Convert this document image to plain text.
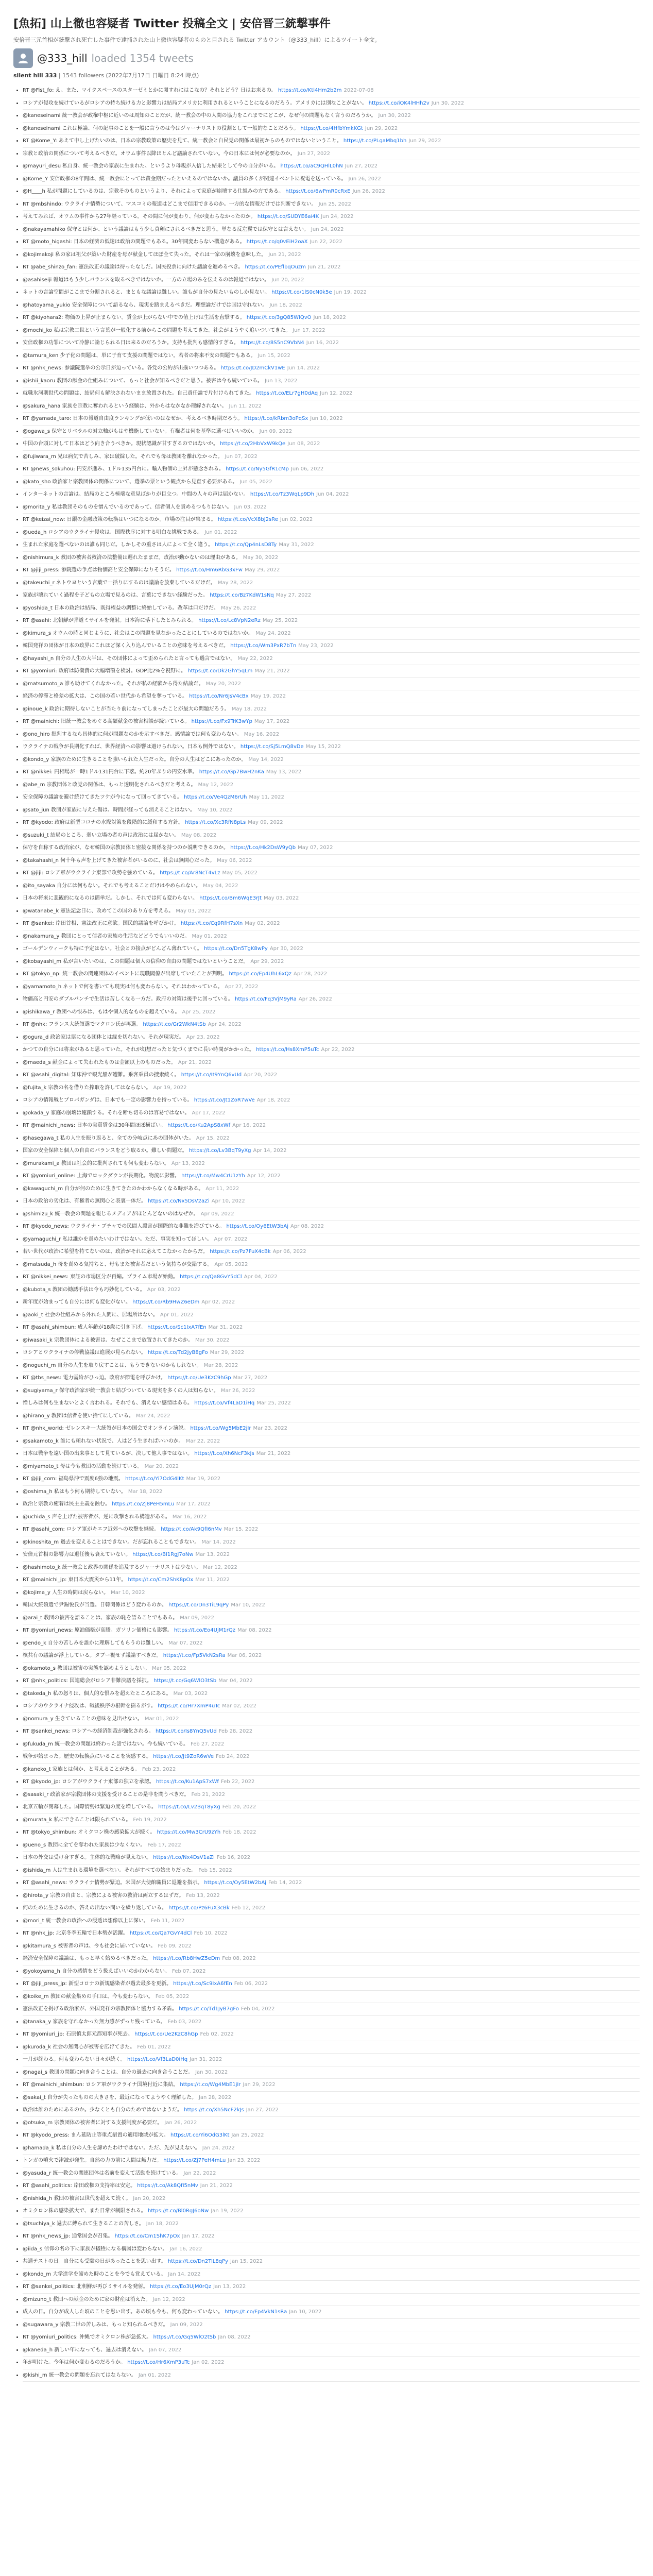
[魚拓] 山上徹也容疑者 Twitter 投稿全文 | 安倍晋三銃撃事件
安倍晋三元首相が銃撃され死亡した事件で逮捕された山上徹也容疑者のものと目される Twitter アカウント（@333_hill）によるツイート全文。
@333_hill loaded 1354 tweets
silent hill 333 | 1543 followers (2022年7月17日 日曜日 8:24 時点)
• RT @Fist_fo: え、また、マイクスペースのスターゼミとかに関すれにはこなの？それとどう？日はお来るの。 https://t.co/Ktl4Hm2b2m 2022-07-08
• ロシアが侵攻を続けているがロシアの持ち続ける力と影響力は結局アメリカに利用されるということになるのだろう。アメリカには別なことがない。 https://t.co/iOK4lHHh2v Jun 30, 2022
• @kaneseinami 統一教会が政権中枢に近いのは周知のことだが、統一教会の中の人間の協力をこれまでにどこが、なぜ何の問題もなく言うのだろうか。 Jun 30, 2022
• @kaneseinami これは極論、何の記事のことを一般に言うのは今はジャーナリストの役割として一般的なことだろう。 https://t.co/4HfbYmkKGt Jun 29, 2022
• RT @Kome_Y: あえて申し上げたいのは、日本の宗教政策の歴史を見て、統一教会と自民党の関係は最初からのものではないということ。 https://t.co/PLgaMbq1bh Jun 29, 2022
• 宗教と政治の関係について考えるべきだ。オウム事件以降ほとんど議論されていない。今の日本には何が必要なのか。 Jun 27, 2022
• @mayuri_desu 私自身、統一教会の家族に生まれた、というより母親が入信した結果として今の自分がいる。 https://t.co/aC9QHlL0hN Jun 27, 2022
• @Kome_Y 安倍政権の8年間は、統一教会にとっては黄金期だったといえるのではないか。議員の多くが関連イベントに祝電を送っている。 Jun 26, 2022
• @H____h 私が問題にしているのは、宗教そのものというより、それによって家庭が崩壊する仕組みの方である。 https://t.co/6wPmR0cRxE Jun 26, 2022
• RT @mbshindo: ウクライナ情勢について、マスコミの報道はどこまで信用できるのか。一方的な情報だけでは判断できない。 Jun 25, 2022
• 考えてみれば、オウムの事件から27年経っている。その間に何が変わり、何が変わらなかったのか。 https://t.co/SUDYE6ai4K Jun 24, 2022
• @nakayamahiko 保守とは何か、という議論はもう少し真剣にされるべきだと思う。単なる反左翼では保守とは言えない。 Jun 24, 2022
• RT @moto_higashi: 日本の経済の低迷は政治の問題でもある。30年間変わらない構造がある。 https://t.co/q0vEiH2oaX Jun 22, 2022
• @kojimakoji 私の家は祖父が築いた財産を母が献金してほぼ全て失った。それは一家の崩壊を意味した。 Jun 21, 2022
• RT @abe_shinzo_fan: 憲法改正の議論は待ったなしだ。国民投票に向けた議論を進めるべき。 https://t.co/PEflbqOuzm Jun 21, 2022
• @asahiseiji 報道はもう少しバランスを取るべきではないか。一方の立場のみを伝えるのは報道ではない。 Jun 20, 2022
• ネットの言論空間がここまで分断されると、まともな議論は難しい。誰もが自分の見たいものしか見ない。 https://t.co/1lS0cN0k5e Jun 19, 2022
• @hatoyama_yukio 安全保障について語るなら、現実を踏まえるべきだ。理想論だけでは国は守れない。 Jun 18, 2022
• RT @kiyohara2: 物価の上昇が止まらない。賃金が上がらない中での値上げは生活を直撃する。 https://t.co/3gQ85WlQvO Jun 18, 2022
• @mochi_ko 私は宗教二世という言葉が一般化する前からこの問題を考えてきた。社会がようやく追いついてきた。 Jun 17, 2022
• 安倍政権の功罪について冷静に論じられる日は来るのだろうか。支持も批判も感情的すぎる。 https://t.co/8S5nC9VbN4 Jun 16, 2022
• @tamura_ken 少子化の問題は、単に子育て支援の問題ではない。若者の将来不安の問題でもある。 Jun 15, 2022
• RT @nhk_news: 参議院選挙の公示日が迫っている。各党の公約が出揃いつつある。 https://t.co/JD2mCkV1wE Jun 14, 2022
• @ishii_kaoru 教団の献金の仕組みについて、もっと社会が知るべきだと思う。被害は今も続いている。 Jun 13, 2022
• 就職氷河期世代の問題は、結局何も解決されないまま放置された。自己責任論で片付けられてきた。 https://t.co/ELr7gH0dAq Jun 12, 2022
• @sakura_hana 家族を宗教に奪われるという経験は、外からはなかなか理解されない。 Jun 11, 2022
• RT @yamada_taro: 日本の報道自由度ランキングが低いのはなぜか、考えるべき時期だろう。 https://t.co/kRbm3oPqSx Jun 10, 2022
• @ogawa_s 保守とリベラルの対立軸がもはや機能していない。有権者は何を基準に選べばいいのか。 Jun 09, 2022
• 中国の台頭に対して日本はどう向き合うべきか。現状認識が甘すぎるのではないか。 https://t.co/2HbVxW9kQe Jun 08, 2022
• @fujiwara_m 兄は病気で苦しみ、家は破綻した。それでも母は教団を離れなかった。 Jun 07, 2022
• RT @news_sokuhou: 円安が進み、1ドル135円台に。輸入物価の上昇が懸念される。 https://t.co/Ny5GfR1cMp Jun 06, 2022
• @kato_sho 政治家と宗教団体の関係について、選挙の票という観点から見直す必要がある。 Jun 05, 2022
• インターネットの言論は、結局のところ極端な意見ばかりが目立つ。中間の人々の声は届かない。 https://t.co/Tz3WqLp9Dh Jun 04, 2022
• @morita_y 私は教団そのものを憎んでいるのであって、信者個人を責めるつもりはない。 Jun 03, 2022
• RT @keizai_now: 日銀の金融政策の転換はいつになるのか。市場の注目が集まる。 https://t.co/VcX8bJ2sRe Jun 02, 2022
• @ueda_h ロシアのウクライナ侵攻は、国際秩序に対する明白な挑戦である。 Jun 01, 2022
• 生まれた家庭を選べないのは誰も同じだ。しかしその重さは人によって全く違う。 https://t.co/Qp4nLsD8Ty May 31, 2022
• @nishimura_k 教団の被害者救済の法整備は遅れたままだ。政治が動かないのは理由がある。 May 30, 2022
• RT @jiji_press: 参院選の争点は物価高と安全保障になりそうだ。 https://t.co/Hm6RbG3xFw May 29, 2022
• @takeuchi_r ネトウヨという言葉で一括りにするのは議論を放棄しているだけだ。 May 28, 2022
• 家族が壊れていく過程を子どもの立場で見るのは、言葉にできない経験だった。 https://t.co/Bz7KdW1sNq May 27, 2022
• @yoshida_t 日本の政治は結局、既得権益の調整に終始している。改革は口だけだ。 May 26, 2022
• RT @asahi: 北朝鮮が弾道ミサイルを発射。日本海に落下したとみられる。 https://t.co/Lc8VpN2eRz May 25, 2022
• @kimura_s オウムの時と同じように、社会はこの問題を見なかったことにしているのではないか。 May 24, 2022
• 韓国発祥の団体が日本の政界にこれほど深く入り込んでいることの意味を考えるべきだ。 https://t.co/Wm3PxR7bTn May 23, 2022
• @hayashi_n 自分の人生の大半は、その団体によって歪められたと言っても過言ではない。 May 22, 2022
• RT @yomiuri: 政府は防衛費の大幅増額を検討。GDP比2%を視野に。 https://t.co/Dk2GhY5qLm May 21, 2022
• @matsumoto_a 誰も助けてくれなかった。それが私の経験から得た結論だ。 May 20, 2022
• 経済の停滞と格差の拡大は、この国の若い世代から希望を奪っている。 https://t.co/Nr6JsV4cBx May 19, 2022
• @inoue_k 政治に期待しないことが当たり前になってしまったことが最大の問題だろう。 May 18, 2022
• RT @mainichi: 旧統一教会をめぐる高額献金の被害相談が続いている。 https://t.co/Fx9TrK3wYp May 17, 2022
• @ono_hiro 批判するなら具体的に何が問題なのかを示すべきだ。感情論では何も変わらない。 May 16, 2022
• ウクライナの戦争が長期化すれば、世界経済への影響は避けられない。日本も例外ではない。 https://t.co/Sj5LmQ8vDe May 15, 2022
• @kondo_y 家族のために生きることを強いられた人生だった。自分の人生はどこにあったのか。 May 14, 2022
• RT @nikkei: 円相場が一時1ドル131円台に下落。約20年ぶりの円安水準。 https://t.co/Gp7BwH2nKa May 13, 2022
• @abe_m 宗教団体と政党の関係は、もっと透明化されるべきだと考える。 May 12, 2022
• 安全保障の議論を避け続けてきたツケが今になって回ってきている。 https://t.co/Ve4QzM6rUh May 11, 2022
• @sato_jun 教団が家族に与えた傷は、時間が経っても消えることはない。 May 10, 2022
• RT @kyodo: 政府は新型コロナの水際対策を段階的に緩和する方針。 https://t.co/Xc3RfN8pLs May 09, 2022
• @suzuki_t 結局のところ、弱い立場の者の声は政治には届かない。 May 08, 2022
• 保守を自称する政治家が、なぜ韓国の宗教団体と密接な関係を持つのか説明できるのか。 https://t.co/Hk2DsW9yQb May 07, 2022
• @takahashi_n 何十年も声を上げてきた被害者がいるのに、社会は無関心だった。 May 06, 2022
• RT @jiji: ロシア軍がウクライナ東部で攻勢を強めている。 https://t.co/Ar8NcT4vLz May 05, 2022
• @ito_sayaka 自分には何もない。それでも考えることだけはやめられない。 May 04, 2022
• 日本の将来に悲観的になるのは簡単だ。しかし、それでは何も変わらない。 https://t.co/Bm6WqE3rJt May 03, 2022
• @watanabe_k 憲法記念日に、改めてこの国のあり方を考える。 May 03, 2022
• RT @sankei: 岸田首相、憲法改正に意欲。国民的議論を呼びかけ。 https://t.co/Cq9RfH7sXn May 02, 2022
• @nakamura_y 教団にとって信者の家族の生活などどうでもいいのだ。 May 01, 2022
• ゴールデンウィークも特に予定はない。社会との接点がどんどん薄れていく。 https://t.co/Dn5TgK8wPy Apr 30, 2022
• @kobayashi_m 私が言いたいのは、この問題は個人の信仰の自由の問題ではないということだ。 Apr 29, 2022
• RT @tokyo_np: 統一教会の関連団体のイベントに現職閣僚が出席していたことが判明。 https://t.co/Ep4UhL6xQz Apr 28, 2022
• @yamamoto_h ネットで何を書いても現実は何も変わらない。それはわかっている。 Apr 27, 2022
• 物価高と円安のダブルパンチで生活は苦しくなる一方だ。政府の対策は後手に回っている。 https://t.co/Fq3VjM9yRa Apr 26, 2022
• @ishikawa_r 教団への恨みは、もはや個人的なものを超えている。 Apr 25, 2022
• RT @nhk: フランス大統領選でマクロン氏が再選。 https://t.co/Gr2WkN4tSb Apr 24, 2022
• @ogura_d 政治家は票になる団体とは縁を切れない。それが現実だ。 Apr 23, 2022
• かつての自分には将来があると思っていた。それが幻想だったと気づくまでに長い時間がかかった。 https://t.co/Hs8XmP5uTc Apr 22, 2022
• @maeda_s 献金によって失われたものは金額以上のものだった。 Apr 21, 2022
• RT @asahi_digital: 知床沖で観光船が遭難。乗客乗員の捜索続く。 https://t.co/It9YnQ6vUd Apr 20, 2022
• @fujita_k 宗教の名を借りた搾取を許してはならない。 Apr 19, 2022
• ロシアの情報戦とプロパガンダは、日本でも一定の影響力を持っている。 https://t.co/Jt1ZoR7wVe Apr 18, 2022
• @okada_y 家庭の崩壊は連鎖する。それを断ち切るのは容易ではない。 Apr 17, 2022
• RT @mainichi_news: 日本の実質賃金は30年間ほぼ横ばい。 https://t.co/Ku2ApS8xWf Apr 16, 2022
• @hasegawa_t 私の人生を振り返ると、全ての分岐点にあの団体がいた。 Apr 15, 2022
• 国家の安全保障と個人の自由のバランスをどう取るか。難しい問題だ。 https://t.co/Lv3BqT9yXg Apr 14, 2022
• @murakami_a 教団は社会的に批判されても何も変わらない。 Apr 13, 2022
• RT @yomiuri_online: 上海でロックダウンが長期化。物流に影響。 https://t.co/Mw4CrU1zYh Apr 12, 2022
• @kawaguchi_m 自分が何のために生きてきたのかわからなくなる時がある。 Apr 11, 2022
• 日本の政治の劣化は、有権者の無関心と表裏一体だ。 https://t.co/Nx5DsV2aZi Apr 10, 2022
• @shimizu_k 統一教会の問題を報じるメディアがほとんどないのはなぜか。 Apr 09, 2022
• RT @kyodo_news: ウクライナ・ブチャでの民間人殺害が国際的な非難を浴びている。 https://t.co/Oy6EtW3bAj Apr 08, 2022
• @yamaguchi_r 私は誰かを責めたいわけではない。ただ、事実を知ってほしい。 Apr 07, 2022
• 若い世代が政治に希望を持てないのは、政治がそれに応えてこなかったからだ。 https://t.co/Pz7FuX4cBk Apr 06, 2022
• @matsuda_h 母を責める気持ちと、母もまた被害者だという気持ちが交錯する。 Apr 05, 2022
• RT @nikkei_news: 東証の市場区分が再編。プライム市場が始動。 https://t.co/Qa8GvY5dCl Apr 04, 2022
• @kubota_s 教団の勧誘手法は今も巧妙化している。 Apr 03, 2022
• 新年度が始まっても自分には何も変化がない。 https://t.co/Rb9HwZ6eDm Apr 02, 2022
• @aoki_t 社会の仕組みから外れた人間に、居場所はない。 Apr 01, 2022
• RT @asahi_shimbun: 成人年齢が18歳に引き下げ。 https://t.co/Sc1IxA7fEn Mar 31, 2022
• @iwasaki_k 宗教団体による被害は、なぜここまで放置されてきたのか。 Mar 30, 2022
• ロシアとウクライナの停戦協議は進展が見られない。 https://t.co/Td2JyB8gFo Mar 29, 2022
• @noguchi_m 自分の人生を取り戻すことは、もうできないのかもしれない。 Mar 28, 2022
• RT @tbs_news: 電力需給がひっ迫。政府が節電を呼びかけ。 https://t.co/Ue3KzC9hGp Mar 27, 2022
• @sugiyama_r 保守政治家が統一教会と結びついている現実を多くの人は知らない。 Mar 26, 2022
• 憎しみは何も生まないとよく言われる。それでも、消えない感情はある。 https://t.co/Vf4LaD1iHq Mar 25, 2022
• @hirano_y 教団は信者を使い捨てにしている。 Mar 24, 2022
• RT @nhk_world: ゼレンスキー大統領が日本の国会でオンライン演説。 https://t.co/Wg5MbE2jIr Mar 23, 2022
• @sakamoto_k 誰にも頼れない状況で、人はどう生きればいいのか。 Mar 22, 2022
• 日本は戦争を遠い国の出来事として見ているが、決して他人事ではない。 https://t.co/Xh6NcF3kJs Mar 21, 2022
• @miyamoto_t 母は今も教団の活動を続けている。 Mar 20, 2022
• RT @jiji_com: 福島県沖で震度6強の地震。 https://t.co/Yi7OdG4lKt Mar 19, 2022
• @oshima_h 私はもう何も期待していない。 Mar 18, 2022
• 政治と宗教の癒着は民主主義を蝕む。 https://t.co/Zj8PeH5mLu Mar 17, 2022
• @uchida_s 声を上げた被害者が、逆に攻撃される構造がある。 Mar 16, 2022
• RT @asahi_com: ロシア軍がキエフ近郊への攻撃を継続。 https://t.co/Ak9QfI6nMv Mar 15, 2022
• @kinoshita_m 過去を変えることはできない。だが忘れることもできない。 Mar 14, 2022
• 安倍元首相の影響力は退任後も衰えていない。 https://t.co/Bl1RgJ7oNw Mar 13, 2022
• @hashimoto_k 統一教会と政界の関係を追及するジャーナリストは少ない。 Mar 12, 2022
• RT @mainichi_jp: 東日本大震災から11年。 https://t.co/Cm2ShK8pOx Mar 11, 2022
• @kojima_y 人生の時間は戻らない。 Mar 10, 2022
• 韓国大統領選で尹錫悦氏が当選。日韓関係はどう変わるのか。 https://t.co/Dn3TiL9qPy Mar 10, 2022
• @arai_t 教団の被害を語ることは、家族の恥を語ることでもある。 Mar 09, 2022
• RT @yomiuri_news: 原油価格が高騰。ガソリン価格にも影響。 https://t.co/Eo4UjM1rQz Mar 08, 2022
• @endo_k 自分の苦しみを誰かに理解してもらうのは難しい。 Mar 07, 2022
• 核共有の議論が浮上している。タブー視せず議論すべきだ。 https://t.co/Fp5VkN2sRa Mar 06, 2022
• @okamoto_s 教団は被害の実態を認めようとしない。 Mar 05, 2022
• RT @nhk_politics: 国連総会がロシア非難決議を採択。 https://t.co/Gq6WlO3tSb Mar 04, 2022
• @takeda_h 私の怒りは、個人的な恨みを超えたところにある。 Mar 03, 2022
• ロシアのウクライナ侵攻は、戦後秩序の根幹を揺るがす。 https://t.co/Hr7XmP4uTc Mar 02, 2022
• @nomura_y 生きていることの意味を見出せない。 Mar 01, 2022
• RT @sankei_news: ロシアへの経済制裁が強化される。 https://t.co/Is8YnQ5vUd Feb 28, 2022
• @fukuda_m 統一教会の問題は終わった話ではない。今も続いている。 Feb 27, 2022
• 戦争が始まった。歴史の転換点にいることを実感する。 https://t.co/Jt9ZoR6wVe Feb 24, 2022
• @kaneko_t 家族とは何か、と考えることがある。 Feb 23, 2022
• RT @kyodo_jp: ロシアがウクライナ東部の独立を承認。 https://t.co/Ku1ApS7xWf Feb 22, 2022
• @sasaki_r 政治家が宗教団体の支援を受けることの是非を問うべきだ。 Feb 21, 2022
• 北京五輪が閉幕した。国際情勢は緊迫の度を増している。 https://t.co/Lv2BqT8yXg Feb 20, 2022
• @murata_k 私にできることは限られている。 Feb 19, 2022
• RT @tokyo_shimbun: オミクロン株の感染拡大が続く。 https://t.co/Mw3CrU9zYh Feb 18, 2022
• @ueno_s 教団に全てを奪われた家族は少なくない。 Feb 17, 2022
• 日本の外交は受け身すぎる。主体的な戦略が見えない。 https://t.co/Nx4DsV1aZi Feb 16, 2022
• @ishida_m 人は生まれる環境を選べない。それがすべての始まりだった。 Feb 15, 2022
• RT @asahi_news: ウクライナ情勢が緊迫。米国が大使館職員に退避を指示。 https://t.co/Oy5EtW2bAj Feb 14, 2022
• @hirota_y 宗教の自由と、宗教による被害の救済は両立するはずだ。 Feb 13, 2022
• 何のために生きるのか、答えの出ない問いを繰り返している。 https://t.co/Pz6FuX3cBk Feb 12, 2022
• @mori_t 統一教会の政治への浸透は想像以上に深い。 Feb 11, 2022
• RT @nhk_jp: 北京冬季五輪で日本勢が活躍。 https://t.co/Qa7GvY4dCl Feb 10, 2022
• @kitamura_s 被害者の声は、今も社会に届いていない。 Feb 09, 2022
• 経済安全保障の議論は、もっと早く始めるべきだった。 https://t.co/Rb8HwZ5eDm Feb 08, 2022
• @yokoyama_h 自分の感情をどう扱えばいいのかわからない。 Feb 07, 2022
• RT @jiji_press_jp: 新型コロナの新規感染者が過去最多を更新。 https://t.co/Sc9IxA6fEn Feb 06, 2022
• @koike_m 教団の献金集めの手口は、今も変わらない。 Feb 05, 2022
• 憲法改正を掲げる政治家が、外国発祥の宗教団体と協力する矛盾。 https://t.co/Td1JyB7gFo Feb 04, 2022
• @tanaka_y 家族を守れなかった無力感がずっと残っている。 Feb 03, 2022
• RT @yomiuri_jp: 石原慎太郎元都知事が死去。 https://t.co/Ue2KzC8hGp Feb 02, 2022
• @kuroda_k 社会の無関心が被害を広げてきた。 Feb 01, 2022
• 一月が終わる。何も変わらない日々が続く。 https://t.co/Vf3LaD0iHq Jan 31, 2022
• @nagai_s 教団の問題に向き合うことは、自分の過去に向き合うことだ。 Jan 30, 2022
• RT @mainichi_shimbun: ロシア軍がウクライナ国境付近に集結。 https://t.co/Wg4MbE1jIr Jan 29, 2022
• @sakai_t 自分が失ったものの大きさを、最近になってようやく理解した。 Jan 28, 2022
• 政治は誰のためにあるのか。少なくとも自分のためではないようだ。 https://t.co/Xh5NcF2kJs Jan 27, 2022
• @otsuka_m 宗教団体の被害者に対する支援制度が必要だ。 Jan 26, 2022
• RT @kyodo_press: まん延防止等重点措置の適用地域が拡大。 https://t.co/Yi6OdG3lKt Jan 25, 2022
• @hamada_k 私は自分の人生を諦めたわけではない。ただ、先が見えない。 Jan 24, 2022
• トンガの噴火で津波が発生。自然の力の前に人間は無力だ。 https://t.co/Zj7PeH4mLu Jan 23, 2022
• @yasuda_r 統一教会の関連団体は名前を変えて活動を続けている。 Jan 22, 2022
• RT @asahi_politics: 岸田政権の支持率は安定。 https://t.co/Ak8QfI5nMv Jan 21, 2022
• @nishida_h 教団の被害は世代を超えて続く。 Jan 20, 2022
• オミクロン株の感染拡大で、また日常が制限される。 https://t.co/Bl0RgJ6oNw Jan 19, 2022
• @tsuchiya_k 過去に縛られて生きることの苦しさ。 Jan 18, 2022
• RT @nhk_news_jp: 通常国会が召集。 https://t.co/Cm1ShK7pOx Jan 17, 2022
• @iida_s 信仰の名の下に家族が犠牲になる構図は変わらない。 Jan 16, 2022
• 共通テストの日。自分にも受験の日があったことを思い出す。 https://t.co/Dn2TiL8qPy Jan 15, 2022
• @kondo_m 大学進学を諦めた時のことを今でも覚えている。 Jan 14, 2022
• RT @sankei_politics: 北朝鮮が再びミサイルを発射。 https://t.co/Eo3UjM0rQz Jan 13, 2022
• @mizuno_t 教団への献金のために家の財産は消えた。 Jan 12, 2022
• 成人の日。自分が成人した頃のことを思い出す。あの頃も今も、何も変わっていない。 https://t.co/Fp4VkN1sRa Jan 10, 2022
• @sugawara_y 宗教二世の苦しみは、もっと知られるべきだ。 Jan 09, 2022
• RT @yomiuri_politics: 沖縄でオミクロン株が急拡大。 https://t.co/Gq5WlO2tSb Jan 08, 2022
• @kaneda_h 新しい年になっても、過去は消えない。 Jan 07, 2022
• 年が明けた。今年は何か変わるのだろうか。 https://t.co/Hr6XmP3uTc Jan 02, 2022
• @kishi_m 統一教会の問題を忘れてはならない。 Jan 01, 2022
